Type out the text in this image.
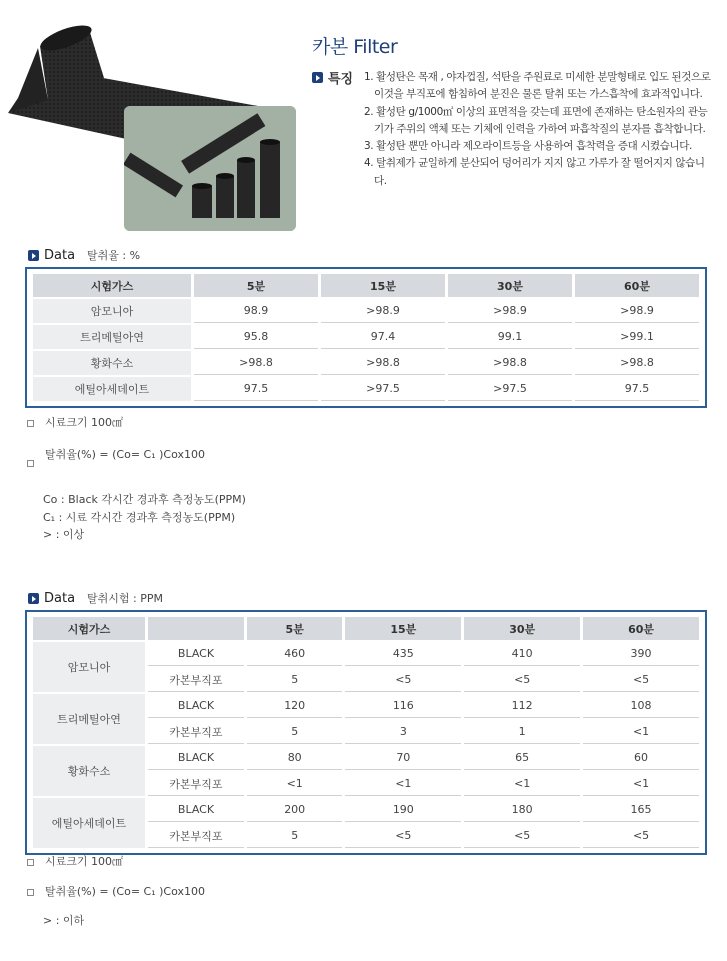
카본 Filter
특징 1. 활성탄은 목재 , 야자껍질, 석탄을 주원료로 미세한 분말형태로 입도 된것으로 이것을 부직포에 함침하여 분진은 물론 탈취 또는 가스흡착에 효과적입니다.
2. 활성탄 g/1000㎡ 이상의 표면적을 갖는데 표면에 존재하는 탄소원자의 관능기가 주위의 액체 또는 기체에 인력을 가하여 파흡착질의 분자를 흡착합니다.
3. 활성탄 뿐만 아니라 제오라이트등을 사용하여 흡착력을 증대 시켰습니다.
4. 탈취제가 균일하게 분산되어 덩어리가 지지 않고 가루가 잘 떨어지지 않습니다.
Data 탈취율 : %
시험가스	5분	15분	30분	60분
암모니아	98.9	>98.9	>98.9	>98.9
트리메틸아연	95.8	97.4	99.1	>99.1
황화수소	>98.8	>98.8	>98.8	>98.8
에틸아세데이트	97.5	>97.5	>97.5	97.5
시료크기 100㎠
탈취율(%) = (Co= C₁ )Cox100
Co : Black 각시간 경과후 측정농도(PPM)
C₁ : 시료 각시간 경과후 측정농도(PPM)
> : 이상
Data 탈취시험 : PPM
시험가스		5분	15분	30분	60분
암모니아	BLACK	460	435	410	390
	카본부직포	5	<5	<5	<5
트리메틸아연	BLACK	120	116	112	108
	카본부직포	5	3	1	<1
황화수소	BLACK	80	70	65	60
	카본부직포	<1	<1	<1	<1
에틸아세데이트	BLACK	200	190	180	165
	카본부직포	5	<5	<5	<5
시료크기 100㎠
탈취율(%) = (Co= C₁ )Cox100
> : 이하
